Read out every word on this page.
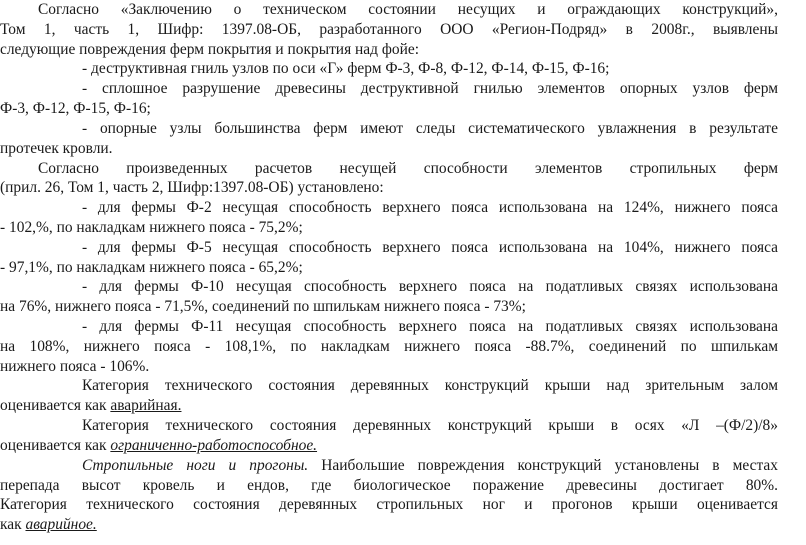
Согласно «Заключению о техническом состоянии несущих и ограждающих конструкций»,
Том 1, часть 1, Шифр: 1397.08-ОБ, разработанного ООО «Регион-Подряд» в 2008г., выявлены
следующие повреждения ферм покрытия и покрытия над фойе:
- деструктивная гниль узлов по оси «Г» ферм Ф-3, Ф-8, Ф-12, Ф-14, Ф-15, Ф-16;
- сплошное разрушение древесины деструктивной гнилью элементов опорных узлов ферм
Ф-3, Ф-12, Ф-15, Ф-16;
- опорные узлы большинства ферм имеют следы систематического увлажнения в результате
протечек кровли.
Согласно произведенных расчетов несущей способности элементов стропильных ферм
(прил. 26, Том 1, часть 2, Шифр:1397.08-ОБ) установлено:
- для фермы Ф-2 несущая способность верхнего пояса использована на 124%, нижнего пояса
- 102,%, по накладкам нижнего пояса - 75,2%;
- для фермы Ф-5 несущая способность верхнего пояса использована на 104%, нижнего пояса
- 97,1%, по накладкам нижнего пояса - 65,2%;
- для фермы Ф-10 несущая способность верхнего пояса на податливых связях использована
на 76%, нижнего пояса - 71,5%, соединений по шпилькам нижнего пояса - 73%;
- для фермы Ф-11 несущая способность верхнего пояса на податливых связях использована
на 108%, нижнего пояса - 108,1%, по накладкам нижнего пояса -88.7%, соединений по шпилькам
нижнего пояса - 106%.
Категория технического состояния деревянных конструкций крыши над зрительным залом
оценивается как аварийная.
Категория технического состояния деревянных конструкций крыши в осях «Л –(Ф/2)/8»
оценивается как ограниченно-работоспособное.
Стропильные ноги и прогоны. Наибольшие повреждения конструкций установлены в местах
перепада высот кровель и ендов, где биологическое поражение древесины достигает 80%.
Категория технического состояния деревянных стропильных ног и прогонов крыши оценивается
как аварийное.
